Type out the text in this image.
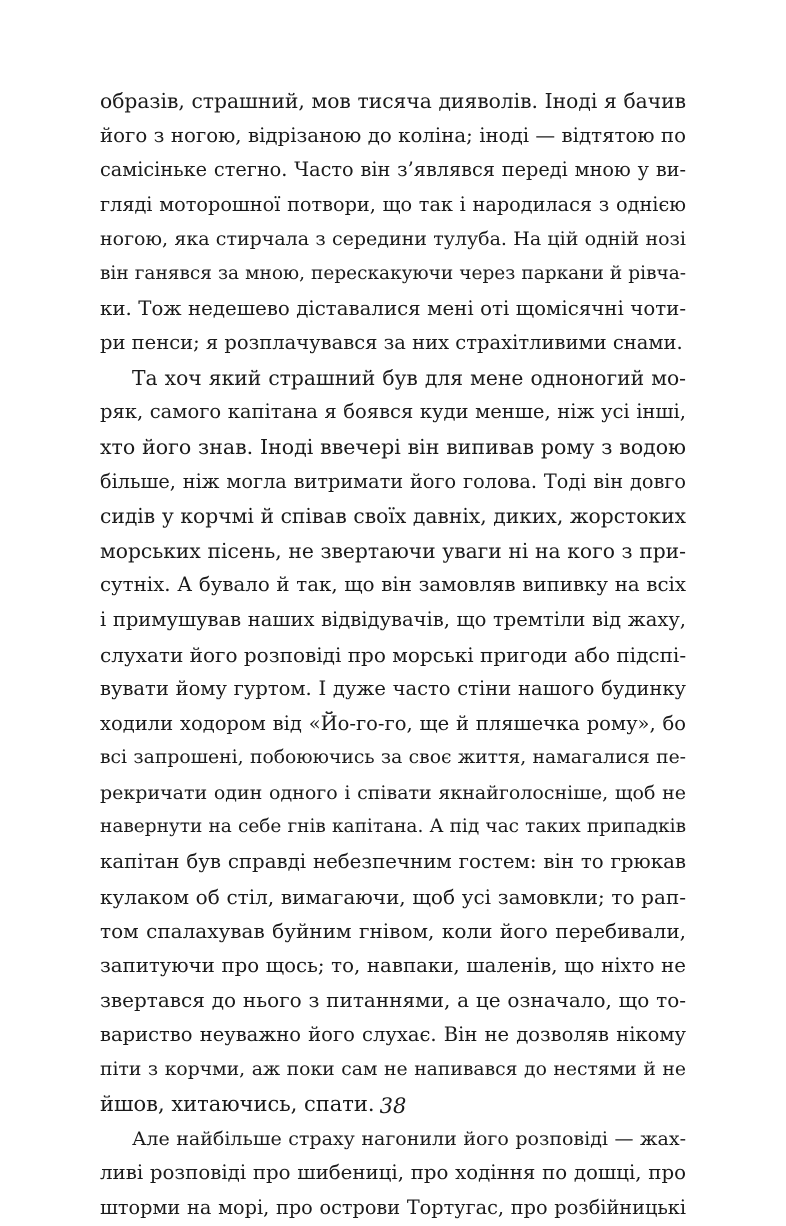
образів, страшний, мов тисяча дияволів. Іноді я бачив
його з ногою, відрізаною до коліна; іноді — відтятою по
самісіньке стегно. Часто він з’являвся переді мною у ви-
гляді моторошної потвори, що так і народилася з однією
ногою, яка стирчала з середини тулуба. На цій одній нозі
він ганявся за мною, перескакуючи через паркани й рівча-
ки. Тож недешево діставалися мені оті щомісячні чоти-
ри пенси; я розплачувався за них страхітливими снами.
Та хоч який страшний був для мене одноногий мо-
ряк, самого капітана я боявся куди менше, ніж усі інші,
хто його знав. Іноді ввечері він випивав рому з водою
більше, ніж могла витримати його голова. Тоді він довго
сидів у корчмі й співав своїх давніх, диких, жорстоких
морських пісень, не звертаючи уваги ні на кого з при-
сутніх. А бувало й так, що він замовляв випивку на всіх
і примушував наших відвідувачів, що тремтіли від жаху,
слухати його розповіді про морські пригоди або підспі-
вувати йому гуртом. І дуже часто стіни нашого будинку
ходили ходором від «Йо-го-го, ще й пляшечка рому», бо
всі запрошені, побоюючись за своє життя, намагалися пе-
рекричати один одного і співати якнайголосніше, щоб не
навернути на себе гнів капітана. А під час таких припадків
капітан був справді небезпечним гостем: він то грюкав
кулаком об стіл, вимагаючи, щоб усі замовкли; то рап-
том спалахував буйним гнівом, коли його перебивали,
запитуючи про щось; то, навпаки, шаленів, що ніхто не
звертався до нього з питаннями, а це означало, що то-
вариство неуважно його слухає. Він не дозволяв нікому
піти з корчми, аж поки сам не напивався до нестями й не
йшов, хитаючись, спати.
Але найбільше страху нагонили його розповіді — жах-
ливі розповіді про шибениці, про ходіння по дошці, про
шторми на морі, про острови Тортугас, про розбійницькі
38
